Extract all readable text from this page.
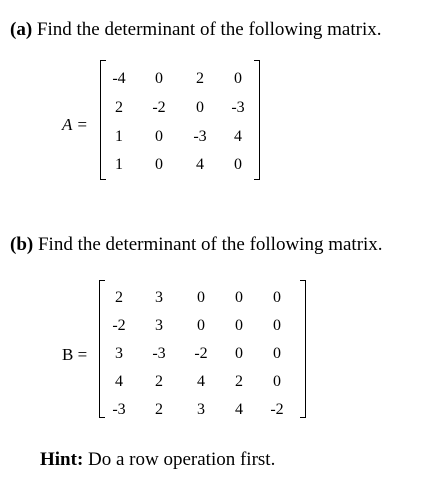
(a) Find the determinant of the following matrix.
A =
-4	0	2	0
2	-2	0	-3
1	0	-3	4
1	0	4	0
(b) Find the determinant of the following matrix.
B =
2	3	0	0	0
-2	3	0	0	0
3	-3	-2	0	0
4	2	4	2	0
-3	2	3	4	-2
Hint: Do a row operation first.
